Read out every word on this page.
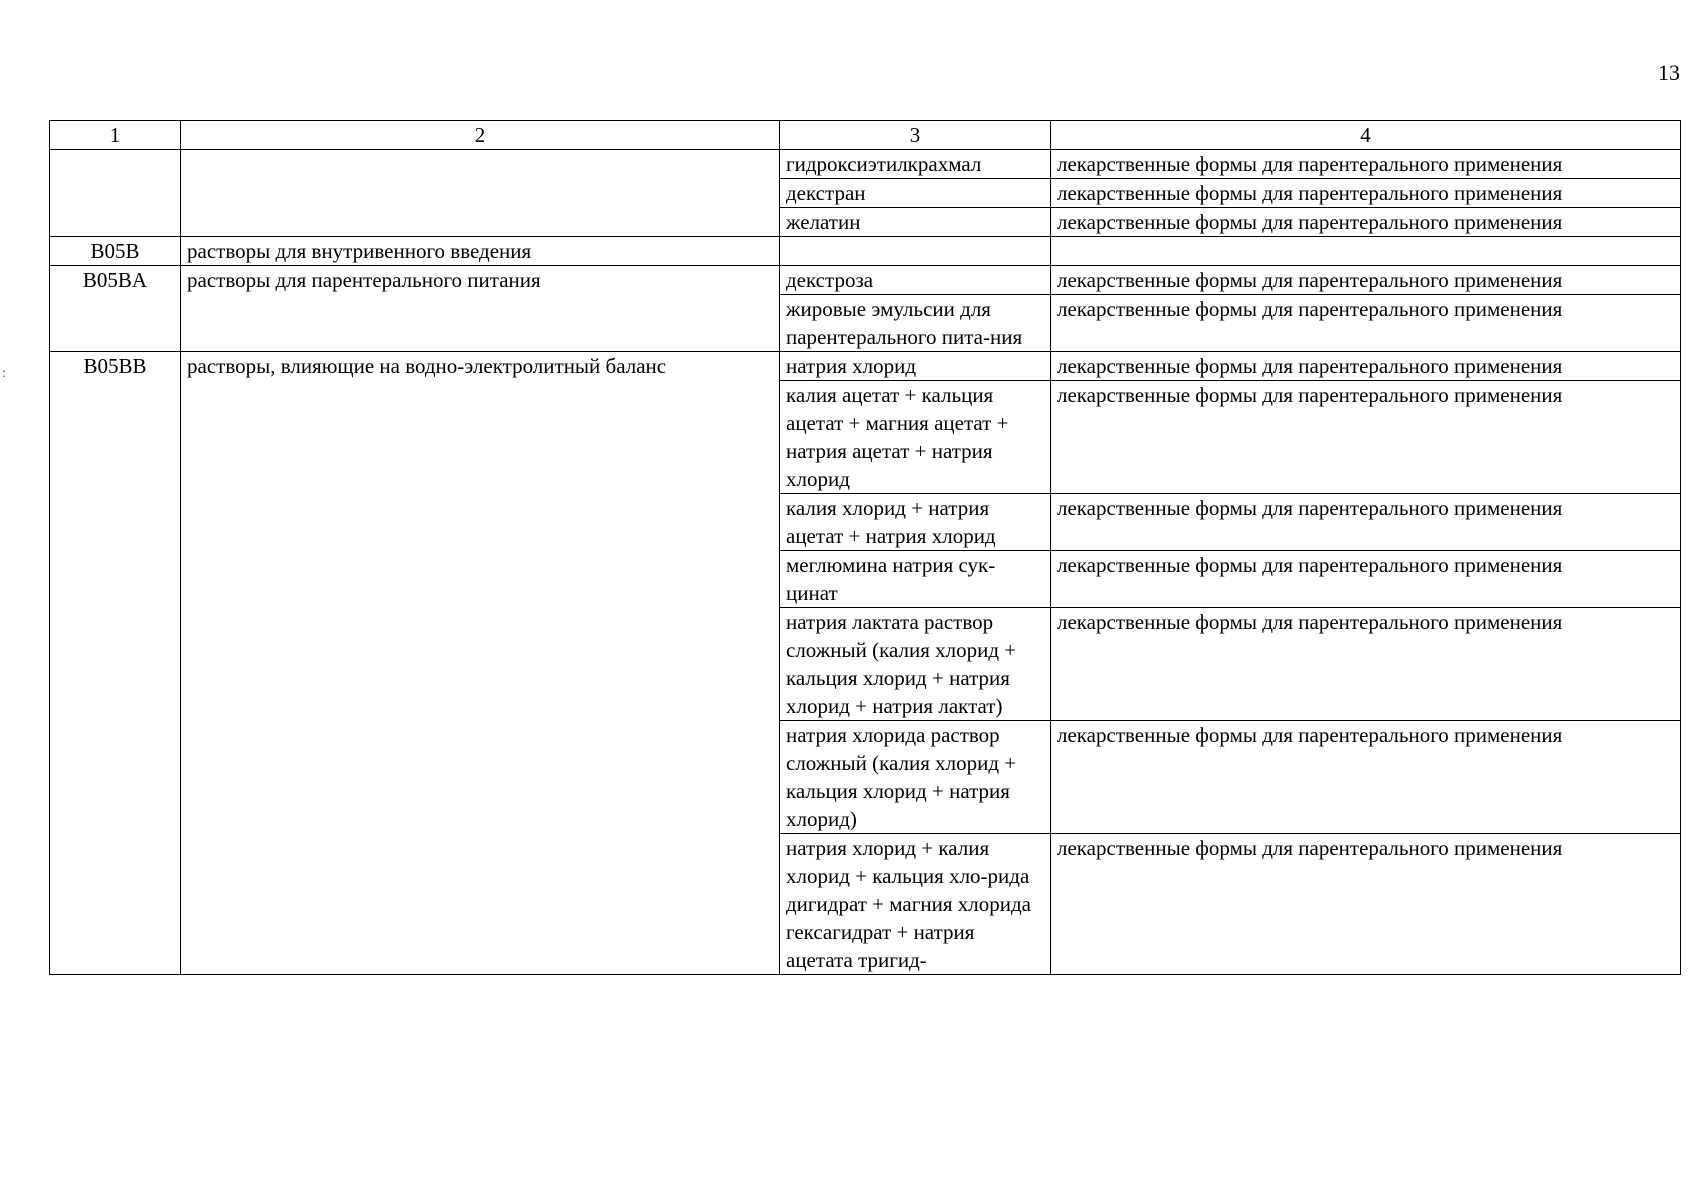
13
:
1	2	3	4
		гидроксиэтилкрахмал	лекарственные формы для парентерального применения
		декстран	лекарственные формы для парентерального применения
		желатин	лекарственные формы для парентерального применения
B05B	растворы для внутривенного введения		
B05BA	растворы для парентерального питания	декстроза	лекарственные формы для парентерального применения
		жировые эмульсии для парентерального пита-ния	лекарственные формы для парентерального применения
B05BB	растворы, влияющие на водно-электролитный баланс	натрия хлорид	лекарственные формы для парентерального применения
		калия ацетат + кальция ацетат + магния ацетат + натрия ацетат + натрия хлорид	лекарственные формы для парентерального применения
		калия хлорид + натрия ацетат + натрия хлорид	лекарственные формы для парентерального применения
		меглюмина натрия сук-цинат	лекарственные формы для парентерального применения
		натрия лактата раствор сложный (калия хлорид + кальция хлорид + натрия хлорид + натрия лактат)	лекарственные формы для парентерального применения
		натрия хлорида раствор сложный (калия хлорид + кальция хлорид + натрия хлорид)	лекарственные формы для парентерального применения
		натрия хлорид + калия хлорид + кальция хло-рида дигидрат + магния хлорида гексагидрат + натрия ацетата тригид-	лекарственные формы для парентерального применения
